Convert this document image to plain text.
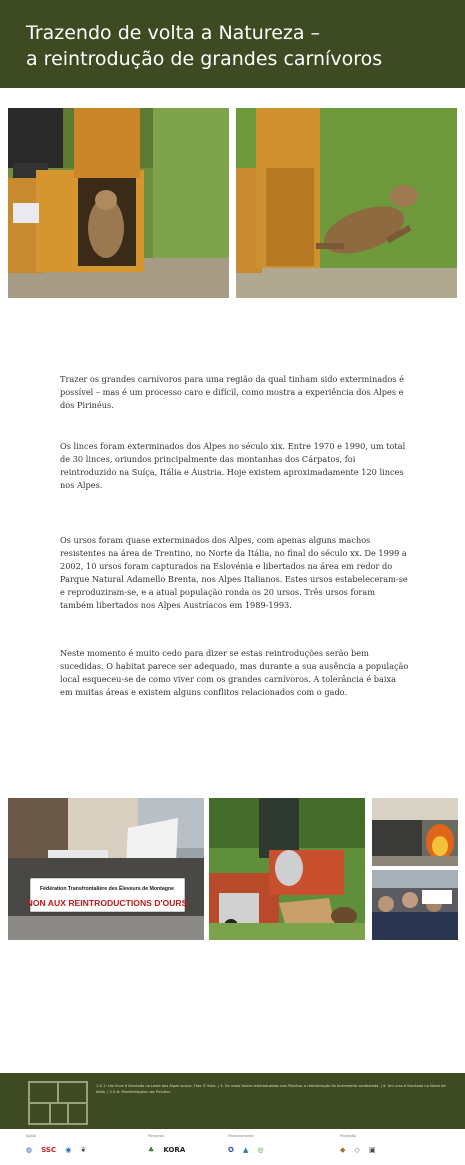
Trazendo de volta a Natureza –
a reintrodução de grandes carnívoros

Trazer os grandes carnívoros para uma região da qual tinham sido exterminados é possível – mas é um processo caro e difícil, como mostra a experiência dos Alpes e dos Pirinéus.

Os linces foram exterminados dos Alpes no século xix. Entre 1970 e 1990, um total de 30 linces, oriundos principalmente das montanhas dos Cárpatos, foi reintroduzido na Suíça, Itália e Áustria. Hoje existem aproximadamente 120 linces nos Alpes.

Os ursos foram quase exterminados dos Alpes, com apenas alguns machos resistentes na área de Trentino, no Norte da Itália, no final do século xx. De 1999 a 2002, 10 ursos foram capturados na Eslovénia e libertados na área em redor do Parque Natural Adamello Brenta, nos Alpes Italianos. Estes ursos estabeleceram-se e reproduziram-se, e a atual população ronda os 20 ursos. Três ursos foram também libertados nos Alpes Austríacos em 1989-1993.

Neste momento é muito cedo para dizer se estas reintroduções serão bem sucedidas. O habitat parece ser adequado, mas durante a sua ausência a população local esqueceu-se de como viver com os grandes carnívoros. A tolerância é baixa em muitas áreas e existem alguns conflitos relacionados com o gado.

Fédération Transfrontalière des Éleveurs de Montagne
NON AUX REINTRODUCTIONS D'OURS
1 & 2: Um lince é libertado no Leste dos Alpes suíços. Foto © Kora. | 3: Os ursos foram reintroduzidos nos Pirinéus; a reintrodução foi fortemente contestada. | 4: Um urso é libertado no Norte de Itália. | 5 & 6: Manifestações nos Pirinéus.
Apoio
◍ SSC ◉ ❦
Parceiros
♣ KORA
Financiamento
✪ ▲ ◎
Produção
◆ ◇ ▣
